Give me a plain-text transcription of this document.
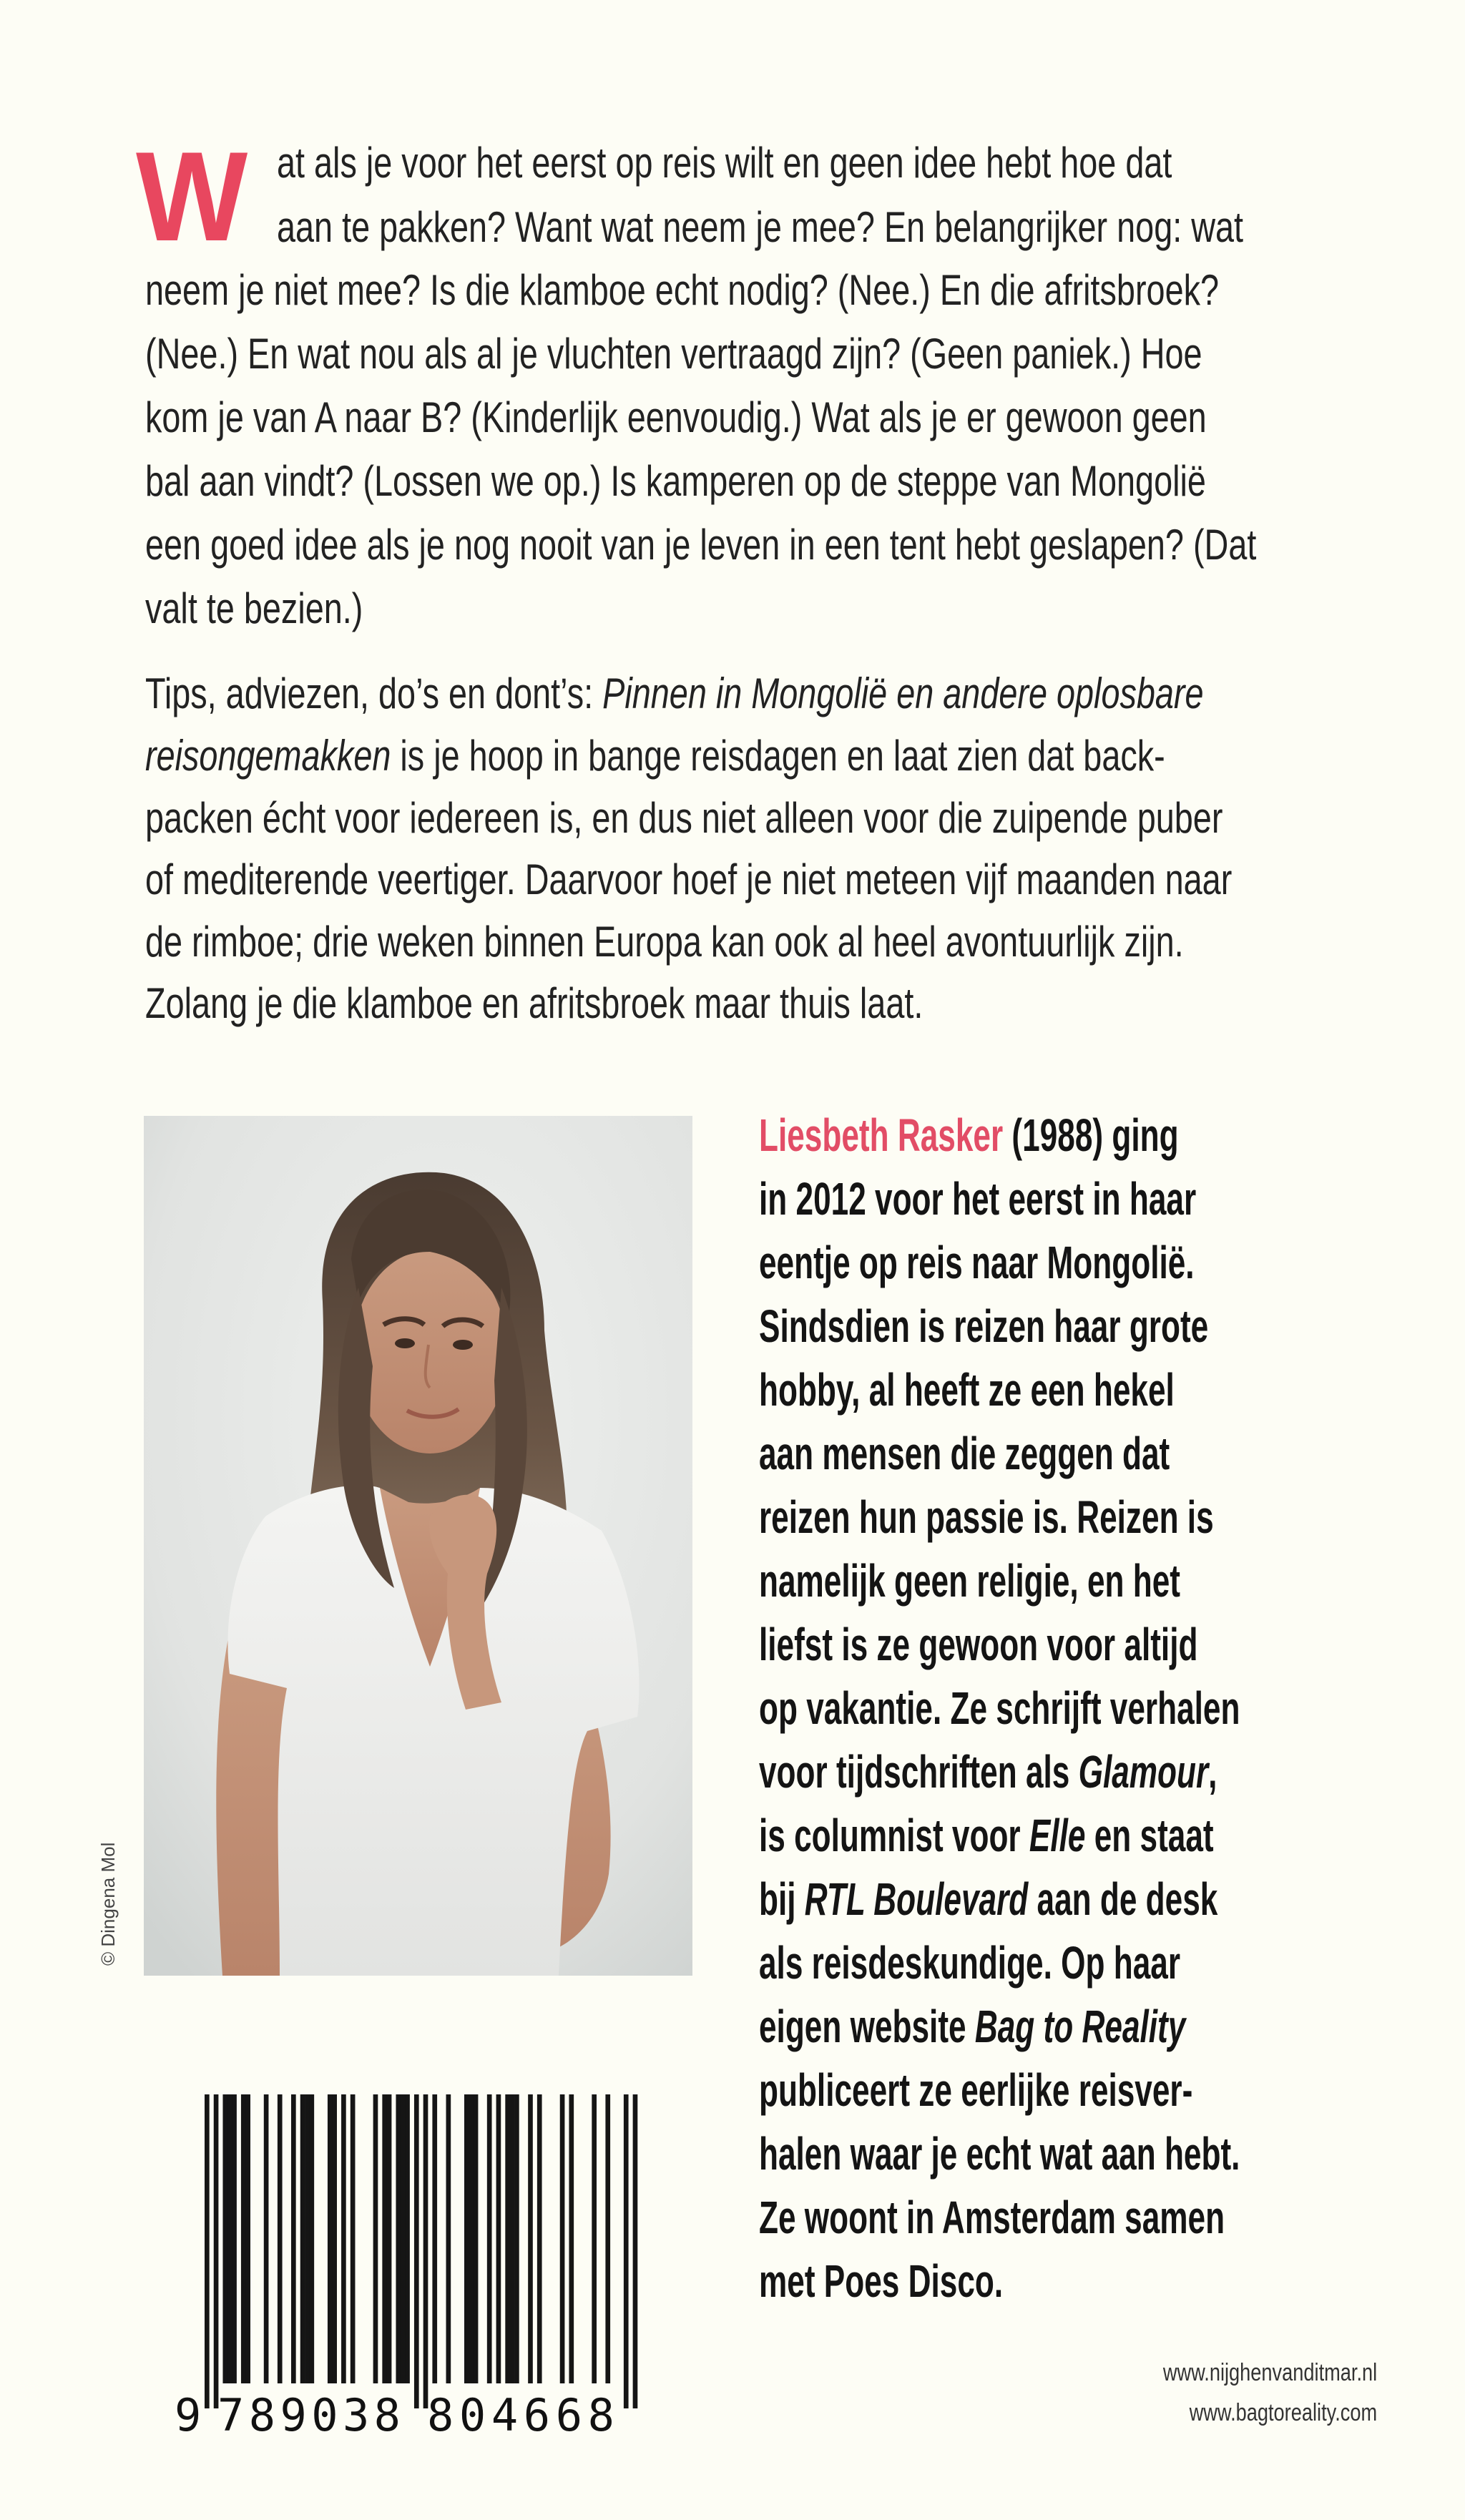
W at als je voor het eerst op reis wilt en geen idee hebt hoe dat
aan te pakken? Want wat neem je mee? En belangrijker nog: wat
neem je niet mee? Is die klamboe echt nodig? (Nee.) En die afritsbroek?
(Nee.) En wat nou als al je vluchten vertraagd zijn? (Geen paniek.) Hoe
kom je van A naar B? (Kinderlijk eenvoudig.) Wat als je er gewoon geen
bal aan vindt? (Lossen we op.) Is kamperen op de steppe van Mongolië
een goed idee als je nog nooit van je leven in een tent hebt geslapen? (Dat
valt te bezien.)
Tips, adviezen, do’s en dont’s: Pinnen in Mongolië en andere oplosbare
reisongemakken is je hoop in bange reisdagen en laat zien dat back-
packen écht voor iedereen is, en dus niet alleen voor die zuipende puber
of mediterende veertiger. Daarvoor hoef je niet meteen vijf maanden naar
de rimboe; drie weken binnen Europa kan ook al heel avontuurlijk zijn.
Zolang je die klamboe en afritsbroek maar thuis laat.
© Dingena Mol
Liesbeth Rasker (1988) ging
in 2012 voor het eerst in haar
eentje op reis naar Mongolië.
Sindsdien is reizen haar grote
hobby, al heeft ze een hekel
aan mensen die zeggen dat
reizen hun passie is. Reizen is
namelijk geen religie, en het
liefst is ze gewoon voor altijd
op vakantie. Ze schrijft verhalen
voor tijdschriften als Glamour,
is columnist voor Elle en staat
bij RTL Boulevard aan de desk
als reisdeskundige. Op haar
eigen website Bag to Reality
publiceert ze eerlijke reisver-
halen waar je echt wat aan hebt.
Ze woont in Amsterdam samen
met Poes Disco.
9 789038 804668
www.nijghenvanditmar.nl
www.bagtoreality.com
